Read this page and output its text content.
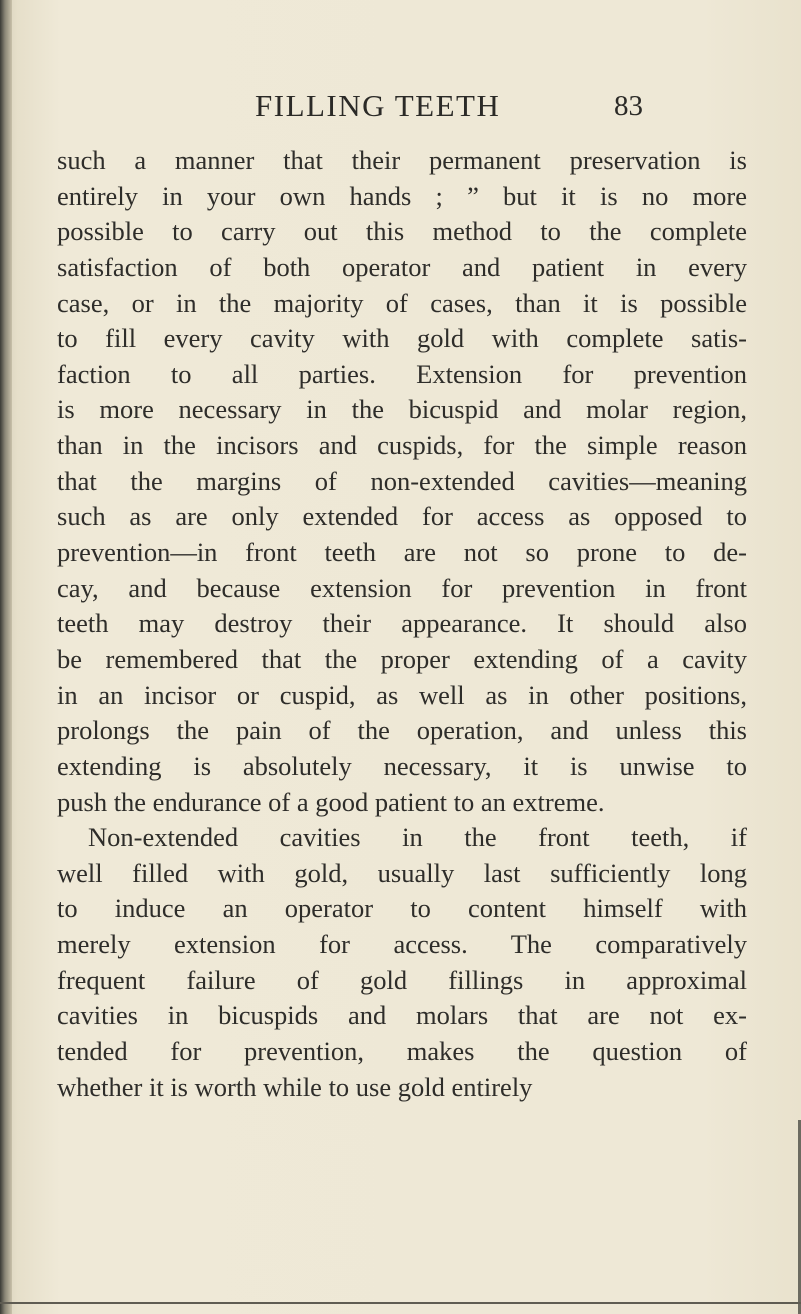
FILLING TEETH	83
such a manner that their permanent preservation is
entirely in your own hands ; ” but it is no more
possible to carry out this method to the complete
satisfaction of both operator and patient in every
case, or in the majority of cases, than it is possible
to fill every cavity with gold with complete satis-
faction to all parties. Extension for prevention
is more necessary in the bicuspid and molar region,
than in the incisors and cuspids, for the simple reason
that the margins of non-extended cavities—meaning
such as are only extended for access as opposed to
prevention—in front teeth are not so prone to de-
cay, and because extension for prevention in front
teeth may destroy their appearance. It should also
be remembered that the proper extending of a cavity
in an incisor or cuspid, as well as in other positions,
prolongs the pain of the operation, and unless this
extending is absolutely necessary, it is unwise to
push the endurance of a good patient to an extreme.
Non-extended cavities in the front teeth, if
well filled with gold, usually last sufficiently long
to induce an operator to content himself with
merely extension for access. The comparatively
frequent failure of gold fillings in approximal
cavities in bicuspids and molars that are not ex-
tended for prevention, makes the question of
whether it is worth while to use gold entirely
